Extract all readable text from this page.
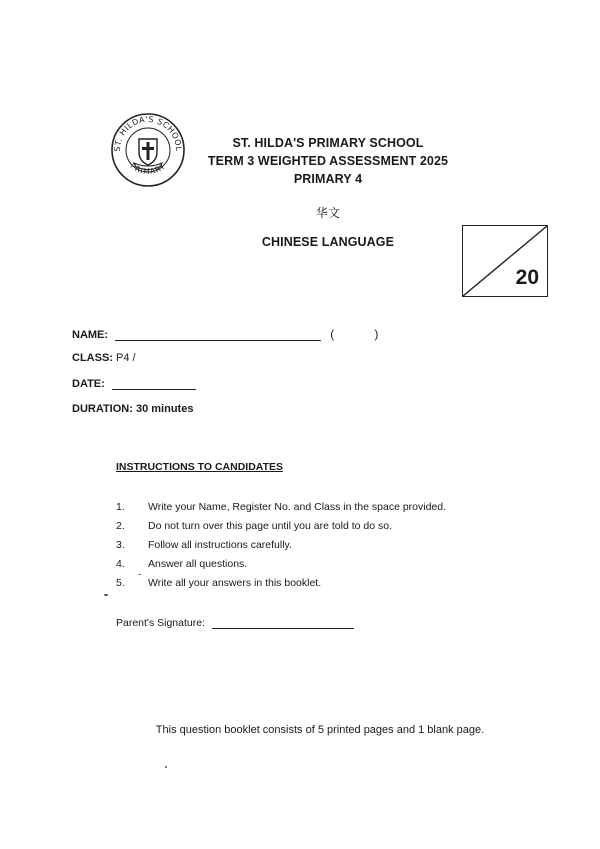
ST. HILDA'S SCHOOL
PRIMARY
ST. HILDA'S PRIMARY SCHOOL
TERM 3 WEIGHTED ASSESSMENT 2025
PRIMARY 4
华文
CHINESE LANGUAGE
20
NAME:	(	)
CLASS: P4 /
DATE:
DURATION: 30 minutes
INSTRUCTIONS TO CANDIDATES
1. Write your Name, Register No. and Class in the space provided.
2. Do not turn over this page until you are told to do so.
3. Follow all instructions carefully.
4. Answer all questions.
5. Write all your answers in this booklet.
Parent's Signature:
This question booklet consists of 5 printed pages and 1 blank page.
